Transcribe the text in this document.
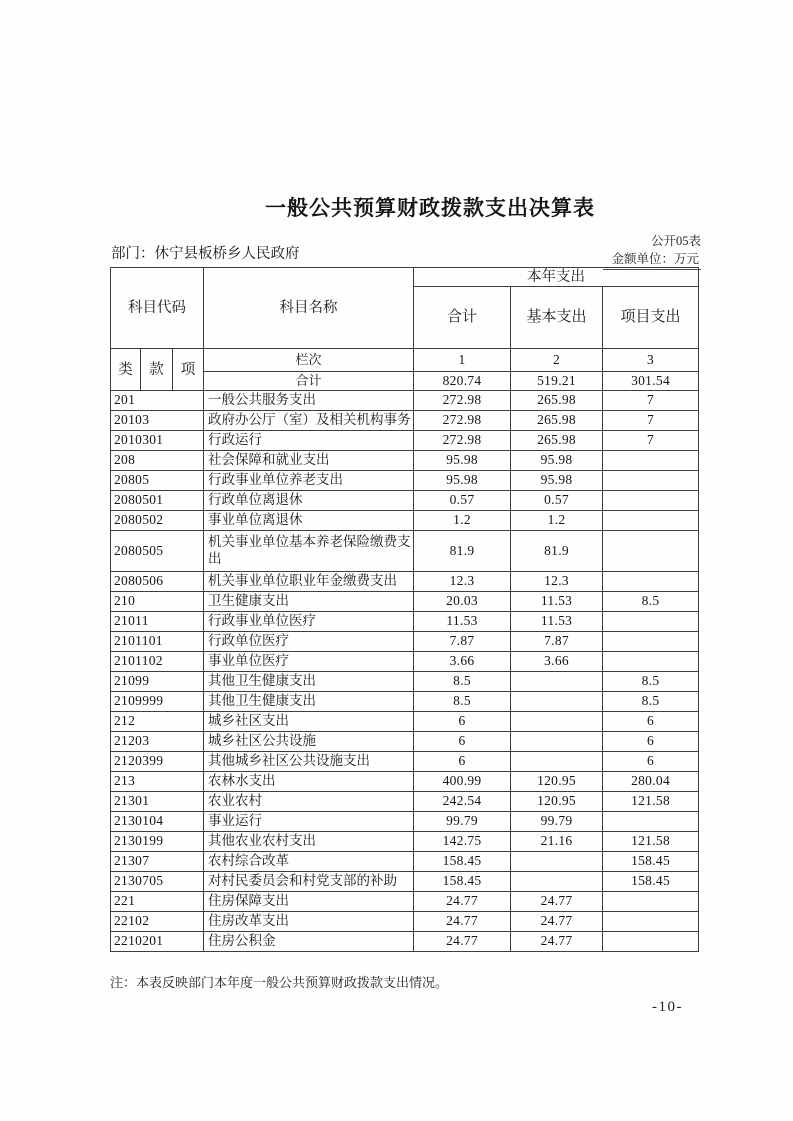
一般公共预算财政拨款支出决算表
公开05表
部门：休宁县板桥乡人民政府	金额单位：万元
科目代码			科目名称	本年支出		
				合计	基本支出	项目支出
类	款	项	栏次	1	2	3
			合计	820.74	519.21	301.54
201			一般公共服务支出	272.98	265.98	7
20103			政府办公厅（室）及相关机构事务	272.98	265.98	7
2010301			行政运行	272.98	265.98	7
208			社会保障和就业支出	95.98	95.98	
20805			行政事业单位养老支出	95.98	95.98	
2080501			行政单位离退休	0.57	0.57	
2080502			事业单位离退休	1.2	1.2	
2080505			机关事业单位基本养老保险缴费支出	81.9	81.9	
2080506			机关事业单位职业年金缴费支出	12.3	12.3	
210			卫生健康支出	20.03	11.53	8.5
21011			行政事业单位医疗	11.53	11.53	
2101101			行政单位医疗	7.87	7.87	
2101102			事业单位医疗	3.66	3.66	
21099			其他卫生健康支出	8.5		8.5
2109999			其他卫生健康支出	8.5		8.5
212			城乡社区支出	6		6
21203			城乡社区公共设施	6		6
2120399			其他城乡社区公共设施支出	6		6
213			农林水支出	400.99	120.95	280.04
21301			农业农村	242.54	120.95	121.58
2130104			事业运行	99.79	99.79	
2130199			其他农业农村支出	142.75	21.16	121.58
21307			农村综合改革	158.45		158.45
2130705			对村民委员会和村党支部的补助	158.45		158.45
221			住房保障支出	24.77	24.77	
22102			住房改革支出	24.77	24.77	
2210201			住房公积金	24.77	24.77	
注：本表反映部门本年度一般公共预算财政拨款支出情况。
-10-
